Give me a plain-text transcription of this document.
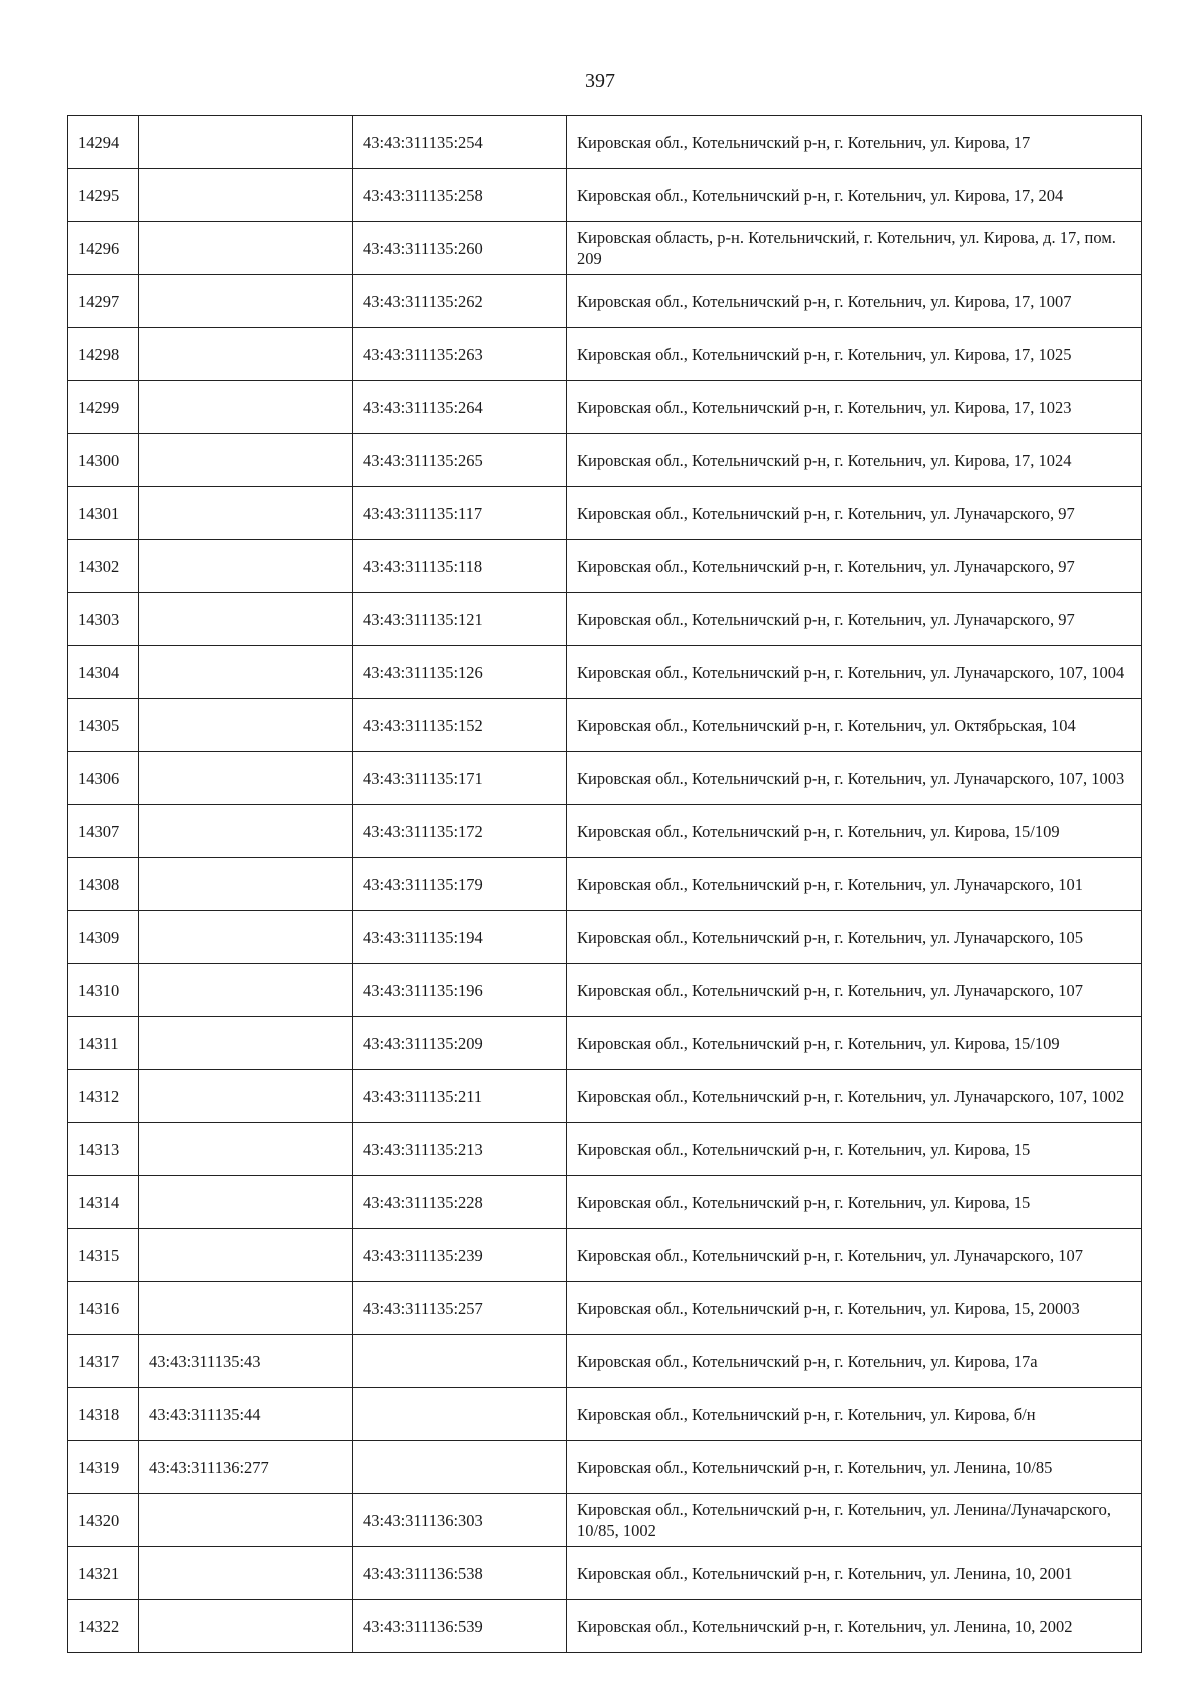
397
14294		43:43:311135:254	Кировская обл., Котельничский р-н, г. Котельнич, ул. Кирова, 17
14295		43:43:311135:258	Кировская обл., Котельничский р-н, г. Котельнич, ул. Кирова, 17, 204
14296		43:43:311135:260	Кировская область, р-н. Котельничский, г. Котельнич, ул. Кирова, д. 17, пом. 209
14297		43:43:311135:262	Кировская обл., Котельничский р-н, г. Котельнич, ул. Кирова, 17, 1007
14298		43:43:311135:263	Кировская обл., Котельничский р-н, г. Котельнич, ул. Кирова, 17, 1025
14299		43:43:311135:264	Кировская обл., Котельничский р-н, г. Котельнич, ул. Кирова, 17, 1023
14300		43:43:311135:265	Кировская обл., Котельничский р-н, г. Котельнич, ул. Кирова, 17, 1024
14301		43:43:311135:117	Кировская обл., Котельничский р-н, г. Котельнич, ул. Луначарского, 97
14302		43:43:311135:118	Кировская обл., Котельничский р-н, г. Котельнич, ул. Луначарского, 97
14303		43:43:311135:121	Кировская обл., Котельничский р-н, г. Котельнич, ул. Луначарского, 97
14304		43:43:311135:126	Кировская обл., Котельничский р-н, г. Котельнич, ул. Луначарского, 107, 1004
14305		43:43:311135:152	Кировская обл., Котельничский р-н, г. Котельнич, ул. Октябрьская, 104
14306		43:43:311135:171	Кировская обл., Котельничский р-н, г. Котельнич, ул. Луначарского, 107, 1003
14307		43:43:311135:172	Кировская обл., Котельничский р-н, г. Котельнич, ул. Кирова, 15/109
14308		43:43:311135:179	Кировская обл., Котельничский р-н, г. Котельнич, ул. Луначарского, 101
14309		43:43:311135:194	Кировская обл., Котельничский р-н, г. Котельнич, ул. Луначарского, 105
14310		43:43:311135:196	Кировская обл., Котельничский р-н, г. Котельнич, ул. Луначарского, 107
14311		43:43:311135:209	Кировская обл., Котельничский р-н, г. Котельнич, ул. Кирова, 15/109
14312		43:43:311135:211	Кировская обл., Котельничский р-н, г. Котельнич, ул. Луначарского, 107, 1002
14313		43:43:311135:213	Кировская обл., Котельничский р-н, г. Котельнич, ул. Кирова, 15
14314		43:43:311135:228	Кировская обл., Котельничский р-н, г. Котельнич, ул. Кирова, 15
14315		43:43:311135:239	Кировская обл., Котельничский р-н, г. Котельнич, ул. Луначарского, 107
14316		43:43:311135:257	Кировская обл., Котельничский р-н, г. Котельнич, ул. Кирова, 15, 20003
14317	43:43:311135:43		Кировская обл., Котельничский р-н, г. Котельнич, ул. Кирова, 17а
14318	43:43:311135:44		Кировская обл., Котельничский р-н, г. Котельнич, ул. Кирова, б/н
14319	43:43:311136:277		Кировская обл., Котельничский р-н, г. Котельнич, ул. Ленина, 10/85
14320		43:43:311136:303	Кировская обл., Котельничский р-н, г. Котельнич, ул. Ленина/Луначарского, 10/85, 1002
14321		43:43:311136:538	Кировская обл., Котельничский р-н, г. Котельнич, ул. Ленина, 10, 2001
14322		43:43:311136:539	Кировская обл., Котельничский р-н, г. Котельнич, ул. Ленина, 10, 2002
